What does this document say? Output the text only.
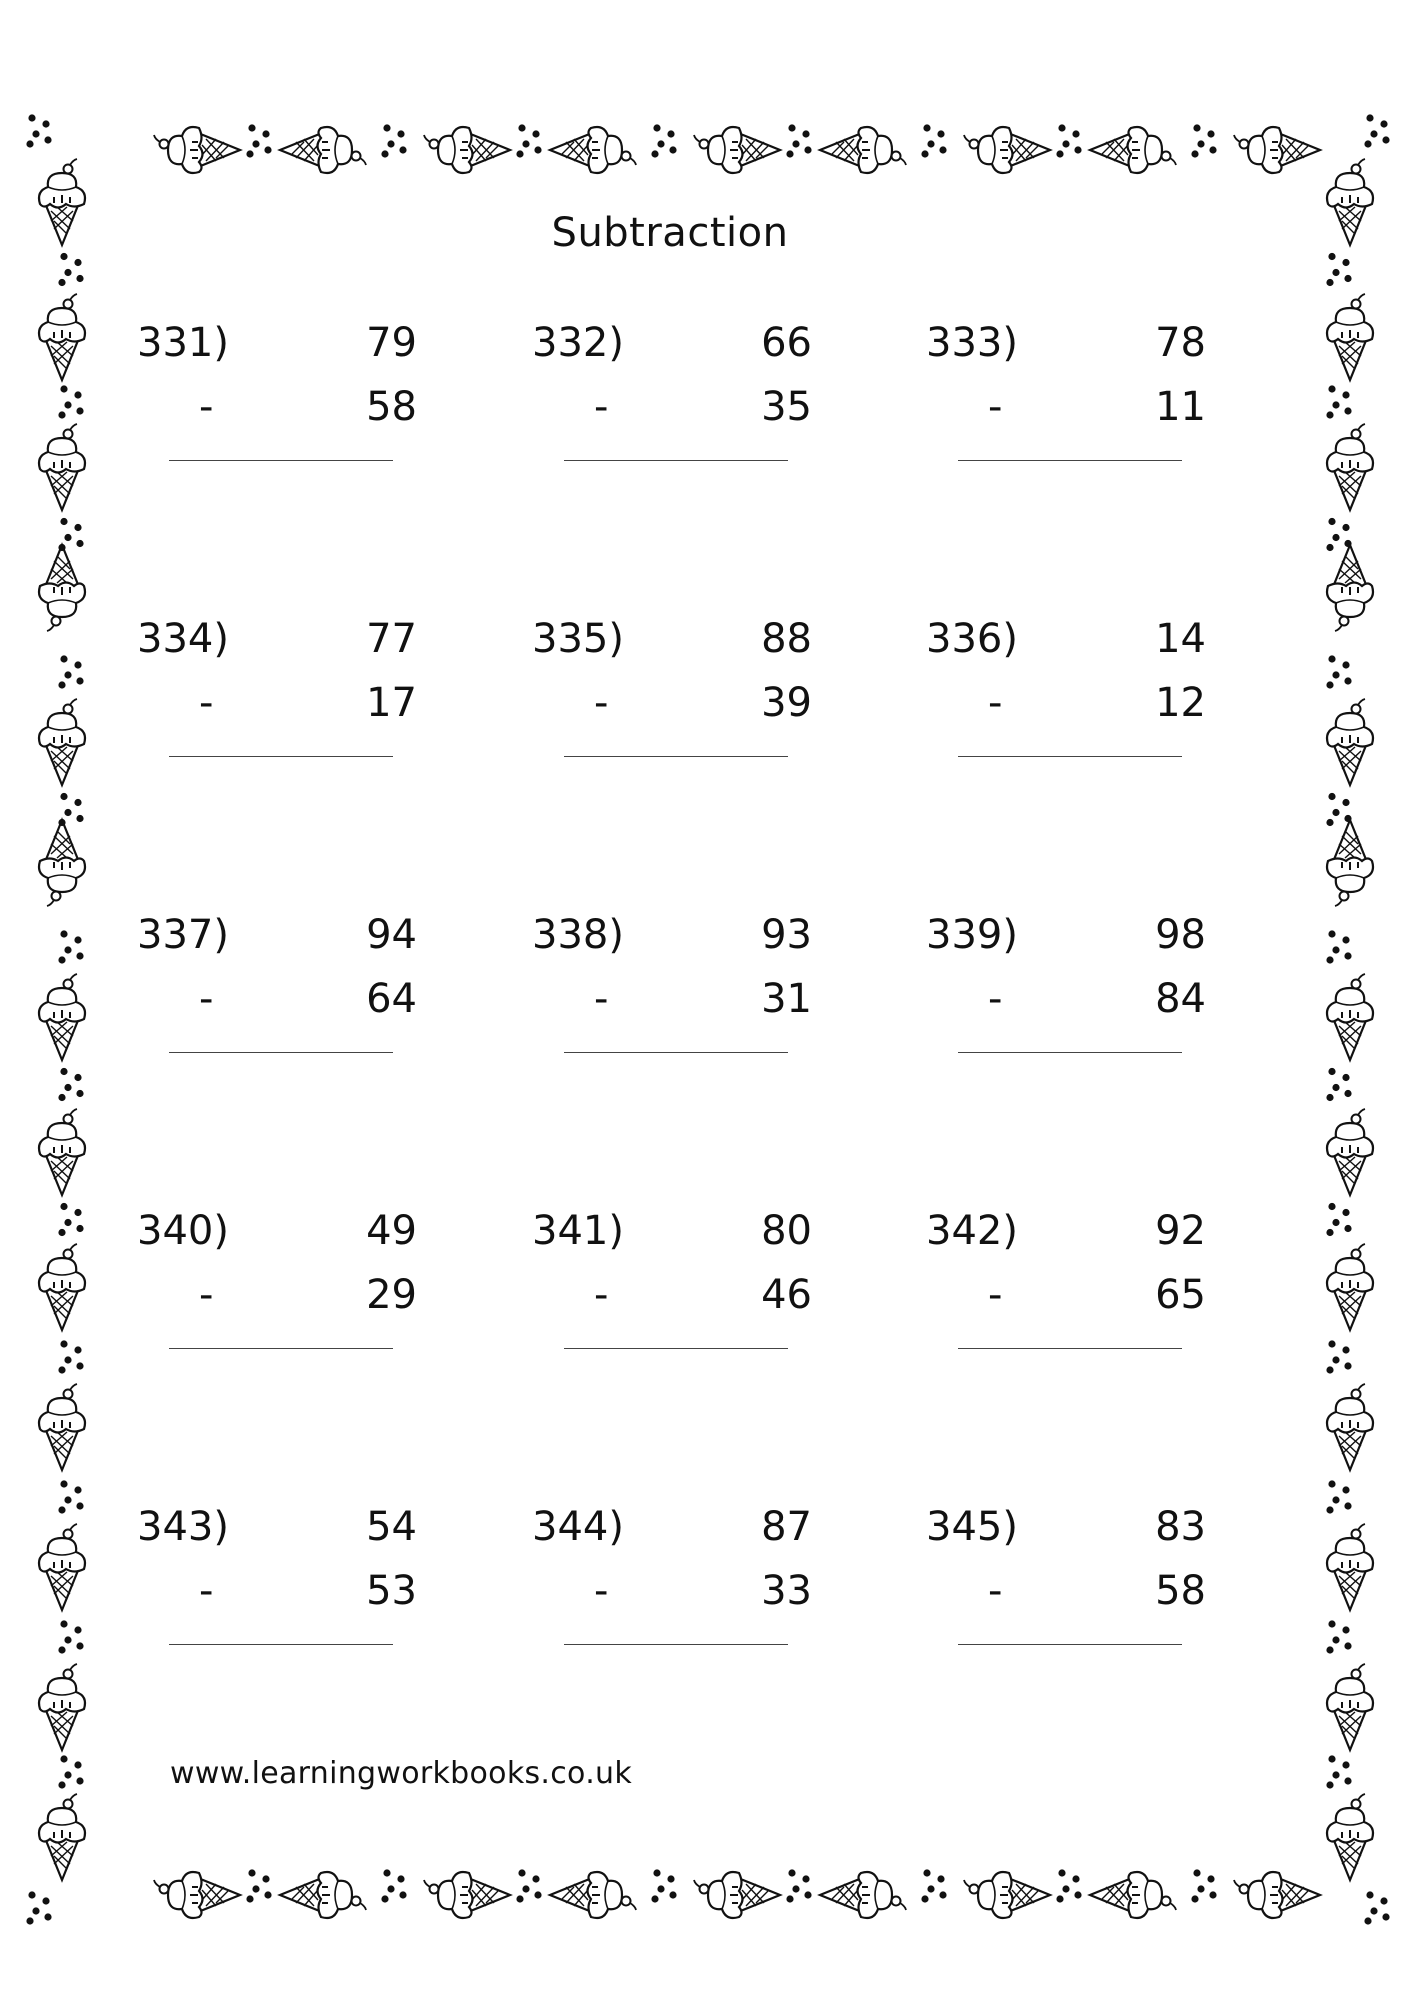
Subtraction
331)	79
-	58
332)	66
-	35
333)	78
-	11
334)	77
-	17
335)	88
-	39
336)	14
-	12
337)	94
-	64
338)	93
-	31
339)	98
-	84
340)	49
-	29
341)	80
-	46
342)	92
-	65
343)	54
-	53
344)	87
-	33
345)	83
-	58
www.learningworkbooks.co.uk
